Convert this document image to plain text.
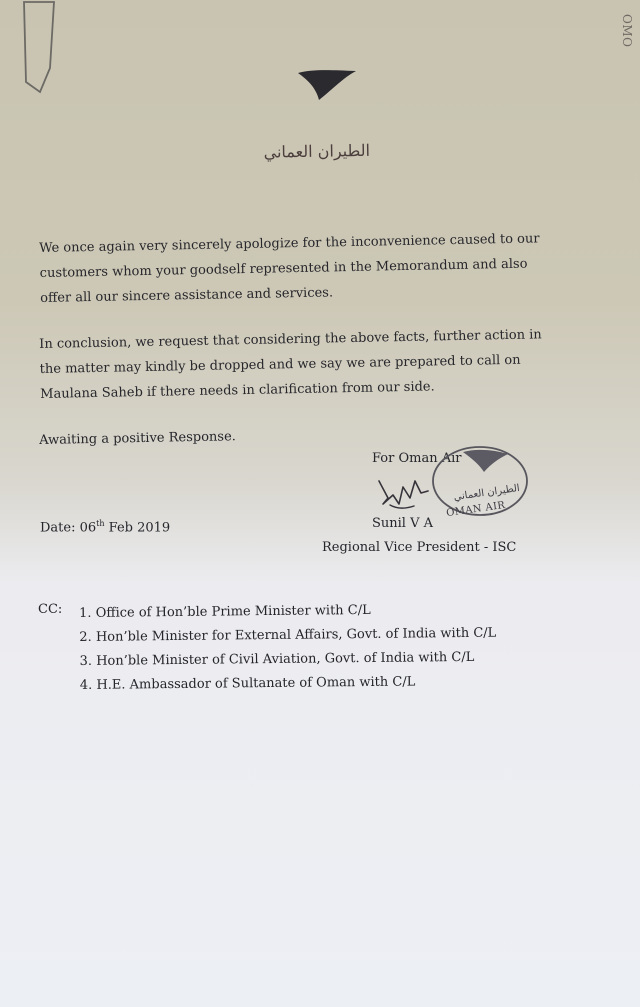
OMO
الطيران العماني
We once again very sincerely apologize for the inconvenience caused to our
customers whom your goodself represented in the Memorandum and also
offer all our sincere assistance and services.
In conclusion, we request that considering the above facts, further action in
the matter may kindly be dropped and we say we are prepared to call on
Maulana Saheb if there needs in clarification from our side.
Awaiting a positive Response.
For Oman Air
الطيران العماني
OMAN AIR
Date: 06th Feb 2019	Sunil V A
Regional Vice President - ISC
CC:	1. Office of Hon’ble Prime Minister with C/L
2. Hon’ble Minister for External Affairs, Govt. of India with C/L
3. Hon’ble Minister of Civil Aviation, Govt. of India with C/L
4. H.E. Ambassador of Sultanate of Oman with C/L
